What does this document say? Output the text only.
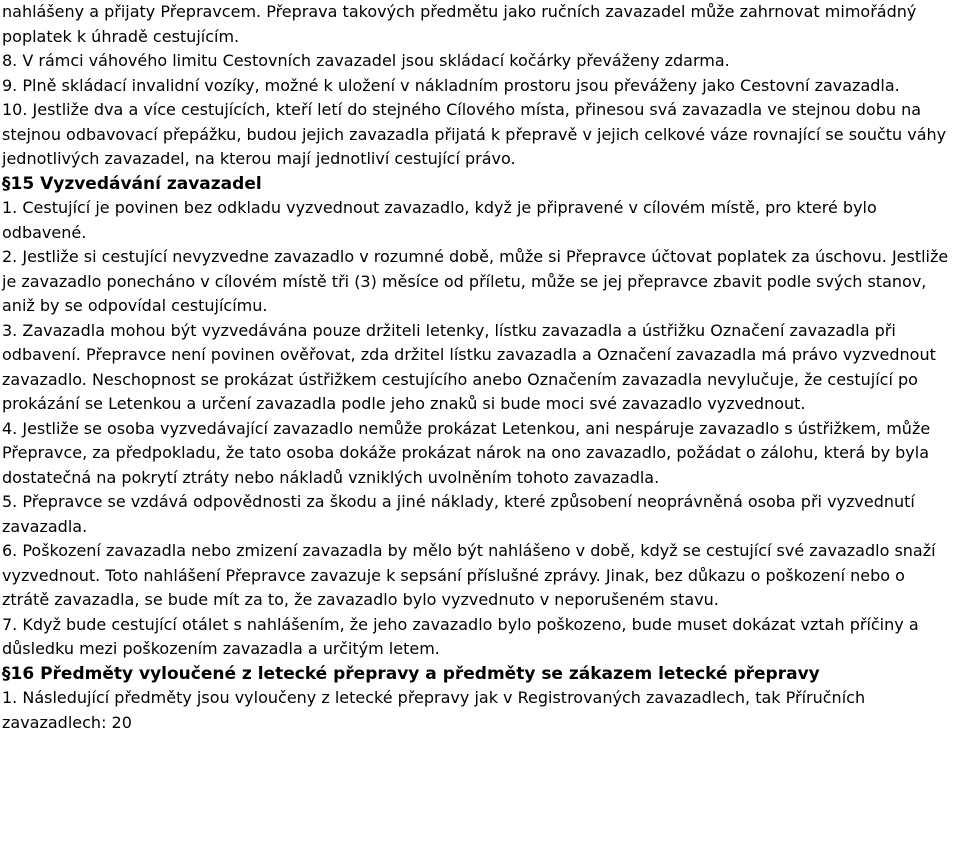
nahlášeny a přijaty Přepravcem. Přeprava takových předmětu jako ručních zavazadel může zahrnovat mimořádný poplatek k úhradě cestujícím.

8. V rámci váhového limitu Cestovních zavazadel jsou skládací kočárky převáženy zdarma.

9. Plně skládací invalidní vozíky, možné k uložení v nákladním prostoru jsou převáženy jako Cestovní zavazadla.

10. Jestliže dva a více cestujících, kteří letí do stejného Cílového místa, přinesou svá zavazadla ve stejnou dobu na stejnou odbavovací přepážku, budou jejich zavazadla přijatá k přepravě v jejich celkové váze rovnající se součtu váhy jednotlivých zavazadel, na kterou mají jednotliví cestující právo.

§15 Vyzvedávání zavazadel

1. Cestující je povinen bez odkladu vyzvednout zavazadlo, když je připravené v cílovém místě, pro které bylo odbavené.

2. Jestliže si cestující nevyzvedne zavazadlo v rozumné době, může si Přepravce účtovat poplatek za úschovu. Jestliže je zavazadlo ponecháno v cílovém místě tři (3) měsíce od příletu, může se jej přepravce zbavit podle svých stanov, aniž by se odpovídal cestujícímu.

3. Zavazadla mohou být vyzvedávána pouze držiteli letenky, lístku zavazadla a ústřižku Označení zavazadla při odbavení. Přepravce není povinen ověřovat, zda držitel lístku zavazadla a Označení zavazadla má právo vyzvednout zavazadlo. Neschopnost se prokázat ústřižkem cestujícího anebo Označením zavazadla nevylučuje, že cestující po prokázání se Letenkou a určení zavazadla podle jeho znaků si bude moci své zavazadlo vyzvednout.

4. Jestliže se osoba vyzvedávající zavazadlo nemůže prokázat Letenkou, ani nespáruje zavazadlo s ústřižkem, může Přepravce, za předpokladu, že tato osoba dokáže prokázat nárok na ono zavazadlo, požádat o zálohu, která by byla dostatečná na pokrytí ztráty nebo nákladů vzniklých uvolněním tohoto zavazadla.

5. Přepravce se vzdává odpovědnosti za škodu a jiné náklady, které způsobení neoprávněná osoba při vyzvednutí zavazadla.

6. Poškození zavazadla nebo zmizení zavazadla by mělo být nahlášeno v době, když se cestující své zavazadlo snaží vyzvednout. Toto nahlášení Přepravce zavazuje k sepsání příslušné zprávy. Jinak, bez důkazu o poškození nebo o ztrátě zavazadla, se bude mít za to, že zavazadlo bylo vyzvednuto v neporušeném stavu.

7. Když bude cestující otálet s nahlášením, že jeho zavazadlo bylo poškozeno, bude muset dokázat vztah příčiny a důsledku mezi poškozením zavazadla a určitým letem.

§16 Předměty vyloučené z letecké přepravy a předměty se zákazem letecké přepravy

1. Následující předměty jsou vyloučeny z letecké přepravy jak v Registrovaných zavazadlech, tak Příručních zavazadlech: 20
